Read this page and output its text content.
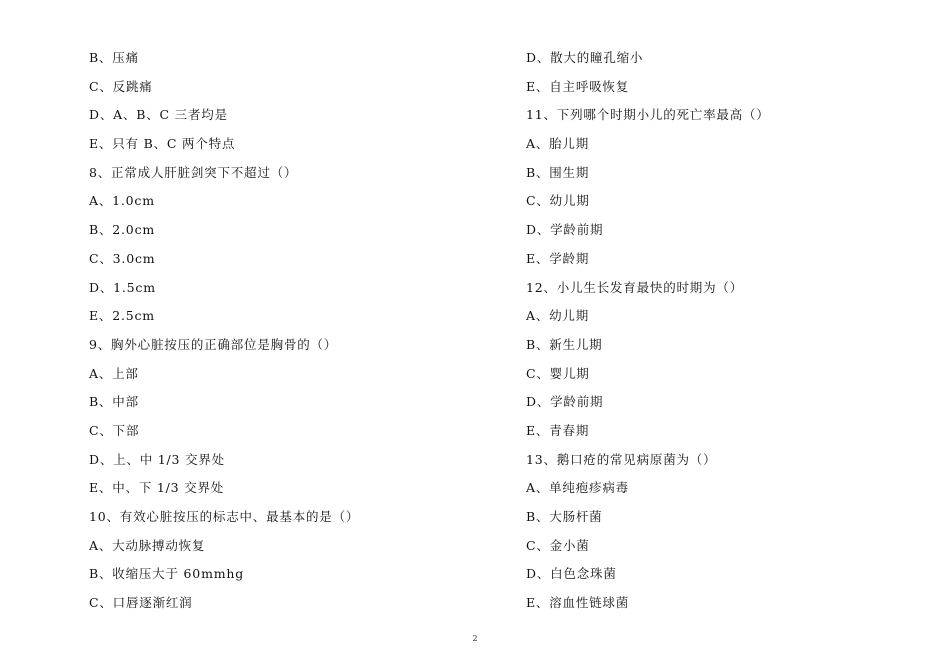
B、压痛
C、反跳痛
D、A、B、C 三者均是
E、只有 B、C 两个特点
8、正常成人肝脏剑突下不超过（）
A、1.0cm
B、2.0cm
C、3.0cm
D、1.5cm
E、2.5cm
9、胸外心脏按压的正确部位是胸骨的（）
A、上部
B、中部
C、下部
D、上、中 1/3 交界处
E、中、下 1/3 交界处
10、有效心脏按压的标志中、最基本的是（）
A、大动脉搏动恢复
B、收缩压大于 60mmhg
C、口唇逐渐红润
D、散大的瞳孔缩小
E、自主呼吸恢复
11、下列哪个时期小儿的死亡率最高（）
A、胎儿期
B、围生期
C、幼儿期
D、学龄前期
E、学龄期
12、小儿生长发育最快的时期为（）
A、幼儿期
B、新生儿期
C、婴儿期
D、学龄前期
E、青春期
13、鹅口疮的常见病原菌为（）
A、单纯疱疹病毒
B、大肠杆菌
C、金小菌
D、白色念珠菌
E、溶血性链球菌
2
